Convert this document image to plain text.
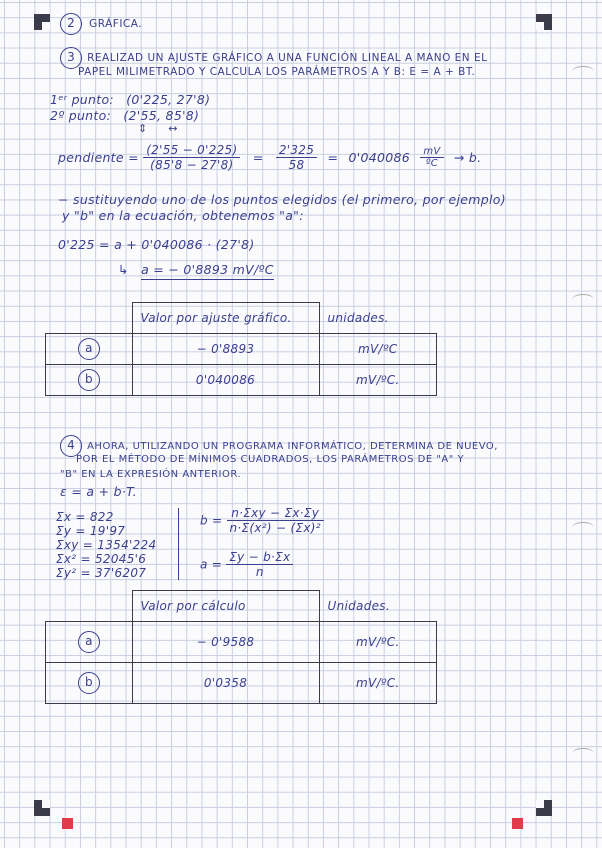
2 GRÁFICA.
3 REALIZAD UN AJUSTE GRÁFICO A UNA FUNCIÓN LINEAL A MANO EN EL
PAPEL MILIMETRADO Y CALCULA LOS PARÁMETROS A Y B: Ε = A + BT.
1ᵉʳ punto: (0'225, 27'8)
2º punto: (2'55, 85'8)
⇕      ↔
pendiente = $\frac{(2'55 - 0'225)}{(85'8 - 27'8)} = \frac{2'325}{58} = 0'040086 \frac{mV}{\text{ºC}} \to b$.
− sustituyendo uno de los puntos elegidos (el primero, por ejemplo)
y "b" en la ecuación, obtenemos "a":
0'225 = a + 0'040086 · (27'8)
↳ a = − 0'8893 mV/ºC
	Valor por ajuste gráfico.	unidades.
a	− 0'8893	mV/ºC
b	0'040086	mV/ºC.
4 AHORA, UTILIZANDO UN PROGRAMA INFORMÁTICO, DETERMINA DE NUEVO,
POR EL MÉTODO DE MÍNIMOS CUADRADOS, LOS PARÁMETROS DE "A" Y
"B" EN LA EXPRESIÓN ANTERIOR.
ε = a + b·T.
Σx = 822
Σy = 19'97
Σxy = 1354'224
Σx² = 52045'6
Σy² = 37'6207
$b = \frac{\text{n·Σxy − Σx·Σy}}{\text{n·Σ(x²) − (Σx)²}}$
$a = \frac{\Sigma y - b\cdot\Sigma x}{n}$
	Valor por cálculo	Unidades.
a	− 0'9588	mV/ºC.
b	0'0358	mV/ºC.
